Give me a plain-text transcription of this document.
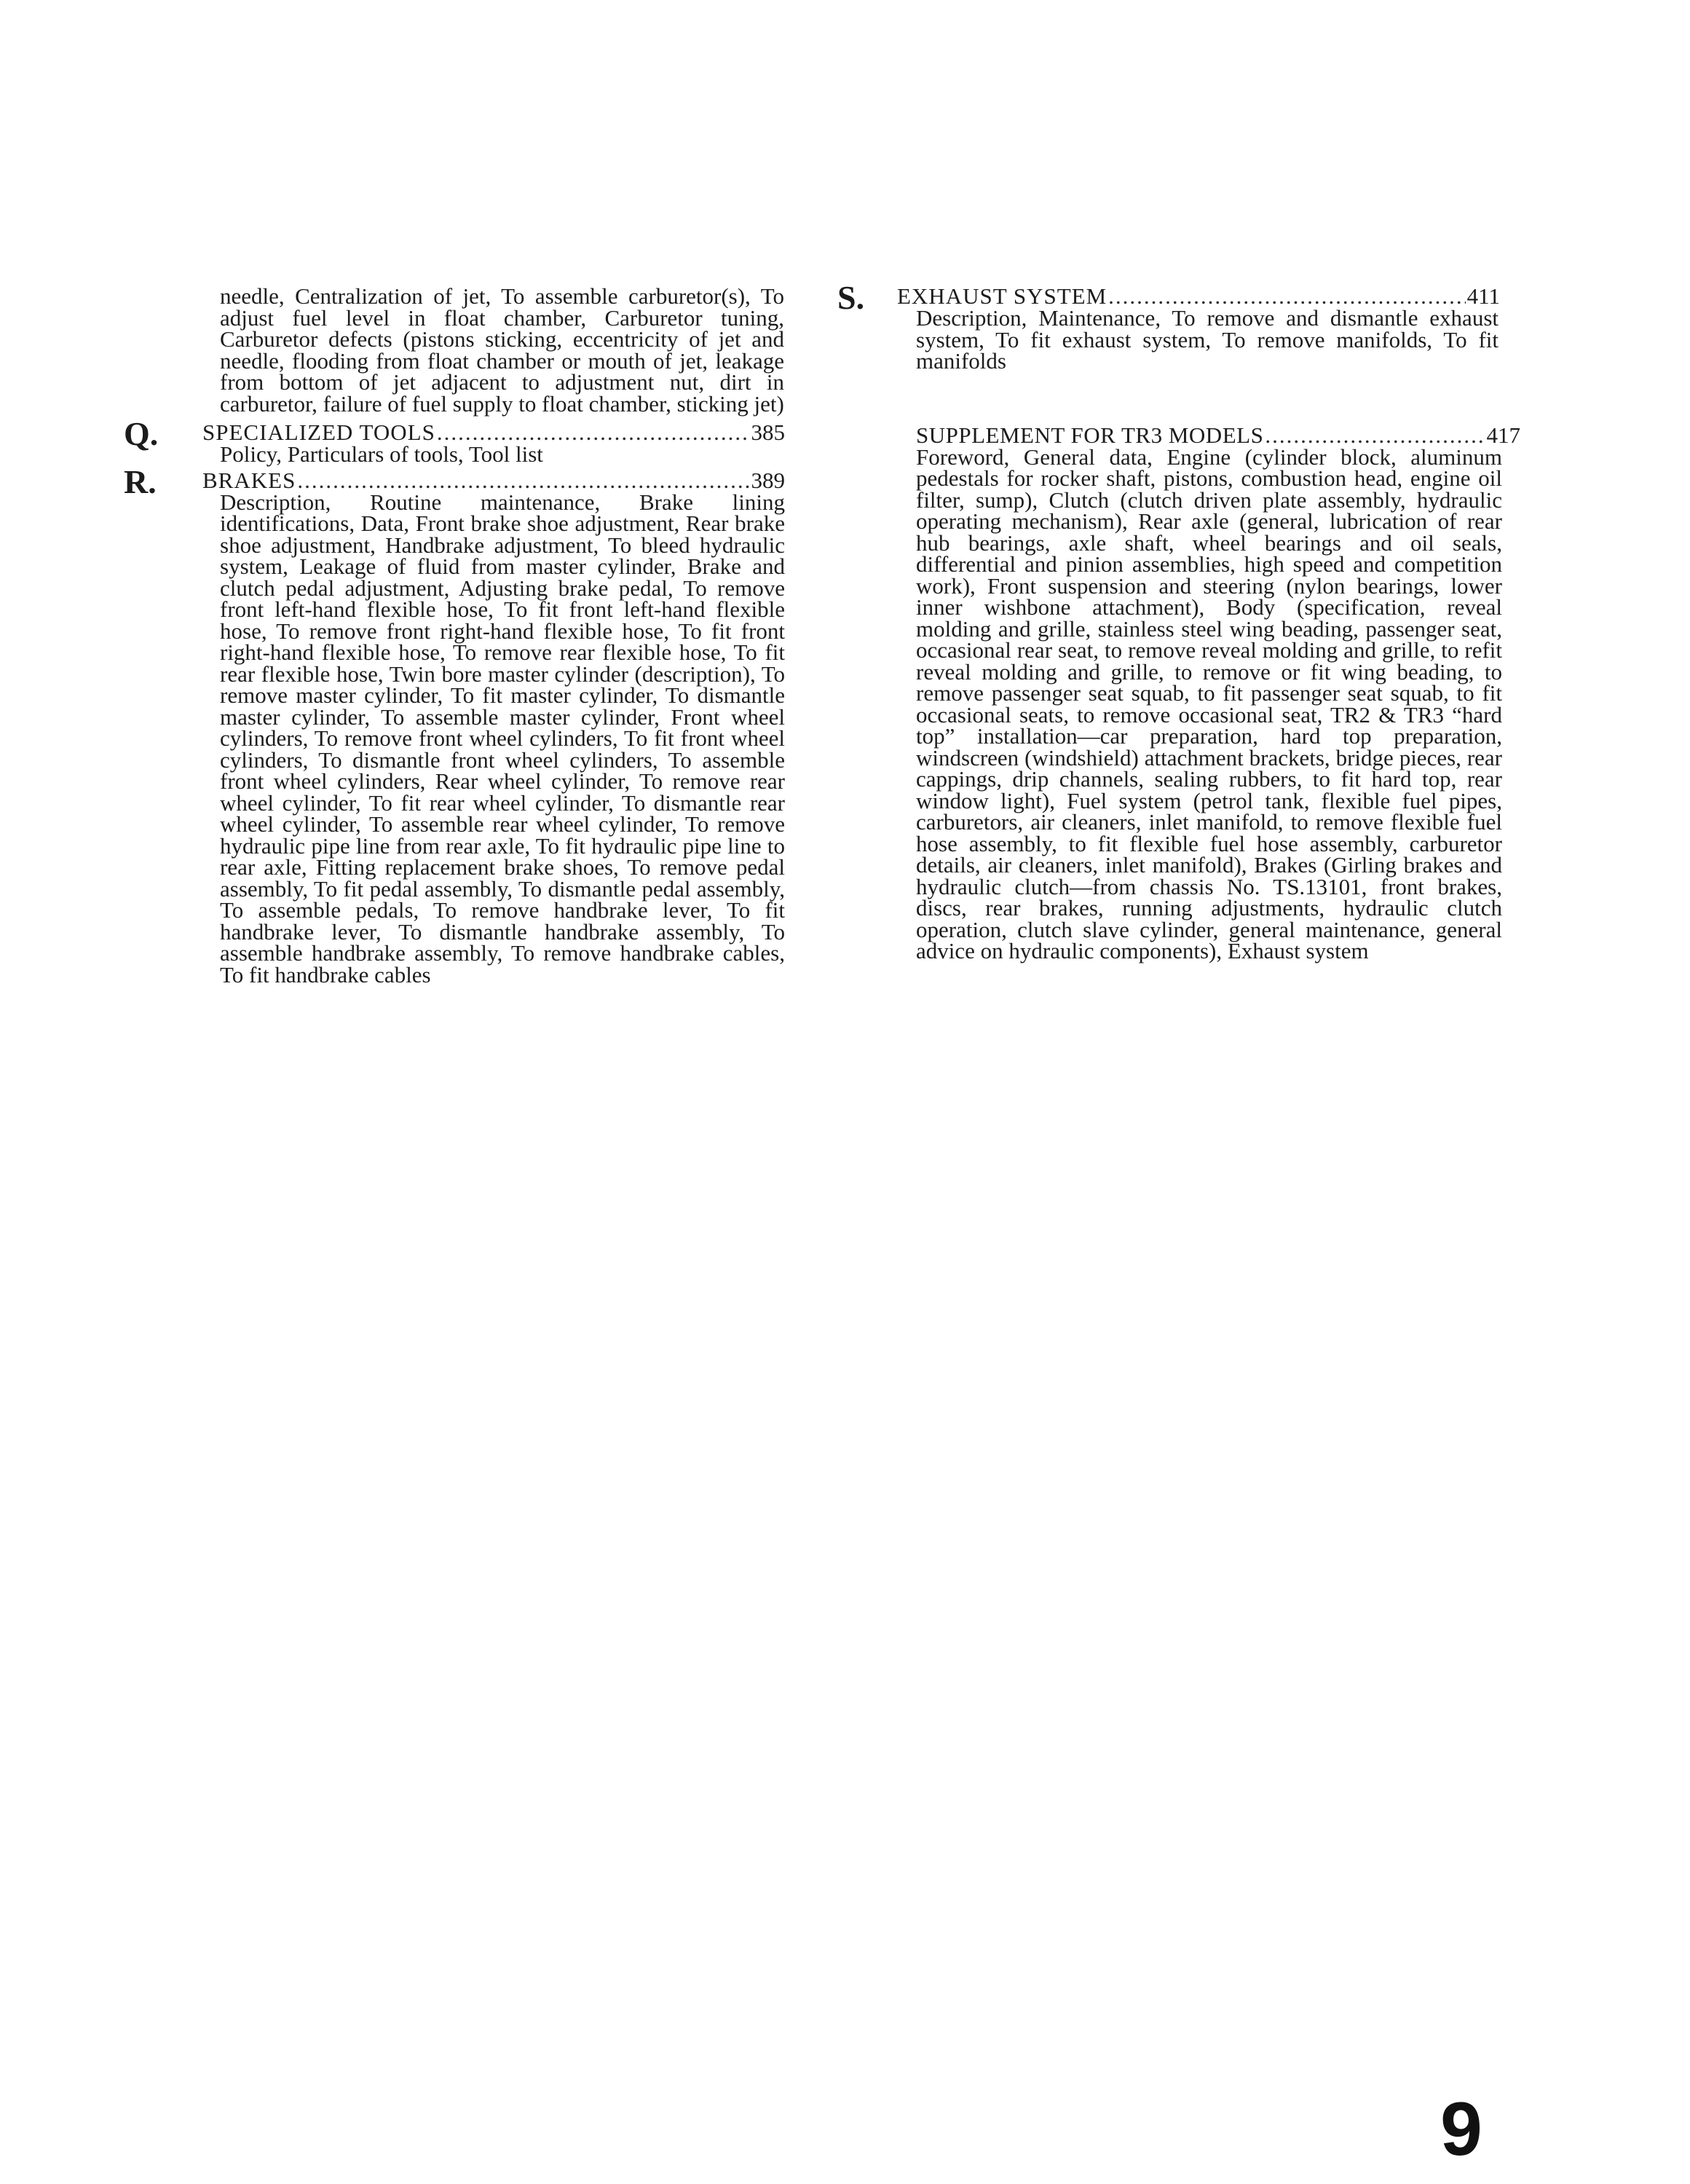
needle, Centralization of jet, To assemble carburetor(s), To adjust fuel level in float chamber, Carburetor tuning, Carburetor defects (pistons sticking, eccentricity of jet and needle, flooding from float chamber or mouth of jet, leakage from bottom of jet adjacent to adjustment nut, dirt in carburetor, failure of fuel supply to float chamber, sticking jet)

Q. SPECIALIZED TOOLS .....	385

Policy, Particulars of tools, Tool list

R. BRAKES .....	389

Description, Routine maintenance, Brake lining identifications, Data, Front brake shoe adjustment, Rear brake shoe adjustment, Handbrake adjustment, To bleed hydraulic system, Leakage of fluid from master cylinder, Brake and clutch pedal adjustment, Adjusting brake pedal, To remove front left-hand flexible hose, To fit front left-hand flexible hose, To remove front right-hand flexible hose, To fit front right-hand flexible hose, To remove rear flexible hose, To fit rear flexible hose, Twin bore master cylinder (description), To remove master cylinder, To fit master cylinder, To dismantle master cylinder, To assemble master cylinder, Front wheel cylinders, To remove front wheel cylinders, To fit front wheel cylinders, To dismantle front wheel cylinders, To assemble front wheel cylinders, Rear wheel cylinder, To remove rear wheel cylinder, To fit rear wheel cylinder, To dismantle rear wheel cylinder, To assemble rear wheel cylinder, To remove hydraulic pipe line from rear axle, To fit hydraulic pipe line to rear axle, Fitting replacement brake shoes, To remove pedal assembly, To fit pedal assembly, To dismantle pedal assembly, To assemble pedals, To remove handbrake lever, To fit handbrake lever, To dismantle handbrake assembly, To assemble handbrake assembly, To remove handbrake cables, To fit handbrake cables

S. EXHAUST SYSTEM .....	411

Description, Maintenance, To remove and dismantle exhaust system, To fit exhaust system, To remove manifolds, To fit manifolds

SUPPLEMENT FOR TR3 MODELS .....	417

Foreword, General data, Engine (cylinder block, aluminum pedestals for rocker shaft, pistons, combustion head, engine oil filter, sump), Clutch (clutch driven plate assembly, hydraulic operating mechanism), Rear axle (general, lubrication of rear hub bearings, axle shaft, wheel bearings and oil seals, differential and pinion assemblies, high speed and competition work), Front suspension and steering (nylon bearings, lower inner wishbone attachment), Body (specification, reveal molding and grille, stainless steel wing beading, passenger seat, occasional rear seat, to remove reveal molding and grille, to refit reveal molding and grille, to remove or fit wing beading, to remove passenger seat squab, to fit passenger seat squab, to fit occasional seats, to remove occasional seat, TR2 & TR3 “hard top” installation—car preparation, hard top preparation, windscreen (windshield) attachment brackets, bridge pieces, rear cappings, drip channels, sealing rubbers, to fit hard top, rear window light), Fuel system (petrol tank, flexible fuel pipes, carburetors, air cleaners, inlet manifold, to remove flexible fuel hose assembly, to fit flexible fuel hose assembly, carburetor details, air cleaners, inlet manifold), Brakes (Girling brakes and hydraulic clutch—from chassis No. TS.13101, front brakes, discs, rear brakes, running adjustments, hydraulic clutch operation, clutch slave cylinder, general maintenance, general advice on hydraulic components), Exhaust system

9
